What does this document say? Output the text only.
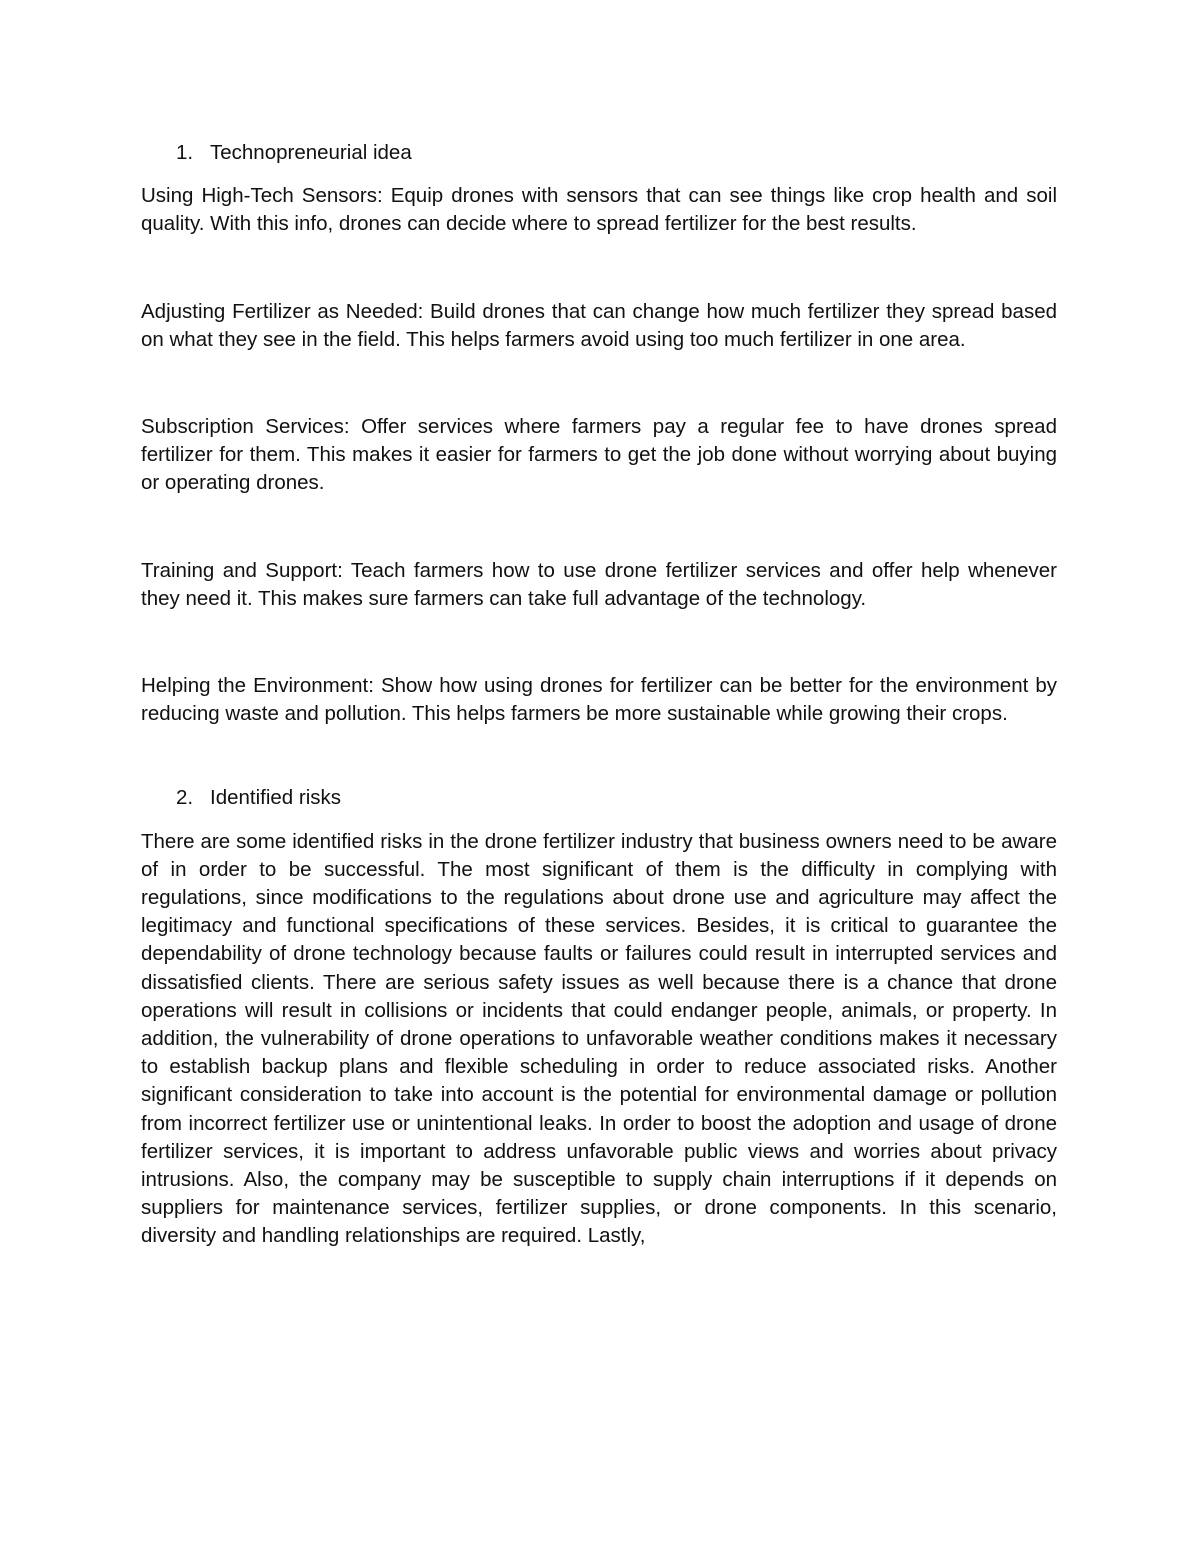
1. Technopreneurial idea

Using High-Tech Sensors: Equip drones with sensors that can see things like crop health and soil quality. With this info, drones can decide where to spread fertilizer for the best results.

Adjusting Fertilizer as Needed: Build drones that can change how much fertilizer they spread based on what they see in the field. This helps farmers avoid using too much fertilizer in one area.

Subscription Services: Offer services where farmers pay a regular fee to have drones spread fertilizer for them. This makes it easier for farmers to get the job done without worrying about buying or operating drones.

Training and Support: Teach farmers how to use drone fertilizer services and offer help whenever they need it. This makes sure farmers can take full advantage of the technology.

Helping the Environment: Show how using drones for fertilizer can be better for the environment by reducing waste and pollution. This helps farmers be more sustainable while growing their crops.

2. Identified risks

There are some identified risks in the drone fertilizer industry that business owners need to be aware of in order to be successful. The most significant of them is the difficulty in complying with regulations, since modifications to the regulations about drone use and agriculture may affect the legitimacy and functional specifications of these services. Besides, it is critical to guarantee the dependability of drone technology because faults or failures could result in interrupted services and dissatisfied clients. There are serious safety issues as well because there is a chance that drone operations will result in collisions or incidents that could endanger people, animals, or property. In addition, the vulnerability of drone operations to unfavorable weather conditions makes it necessary to establish backup plans and flexible scheduling in order to reduce associated risks. Another significant consideration to take into account is the potential for environmental damage or pollution from incorrect fertilizer use or unintentional leaks. In order to boost the adoption and usage of drone fertilizer services, it is important to address unfavorable public views and worries about privacy intrusions. Also, the company may be susceptible to supply chain interruptions if it depends on suppliers for maintenance services, fertilizer supplies, or drone components. In this scenario, diversity and handling relationships are required. Lastly,
